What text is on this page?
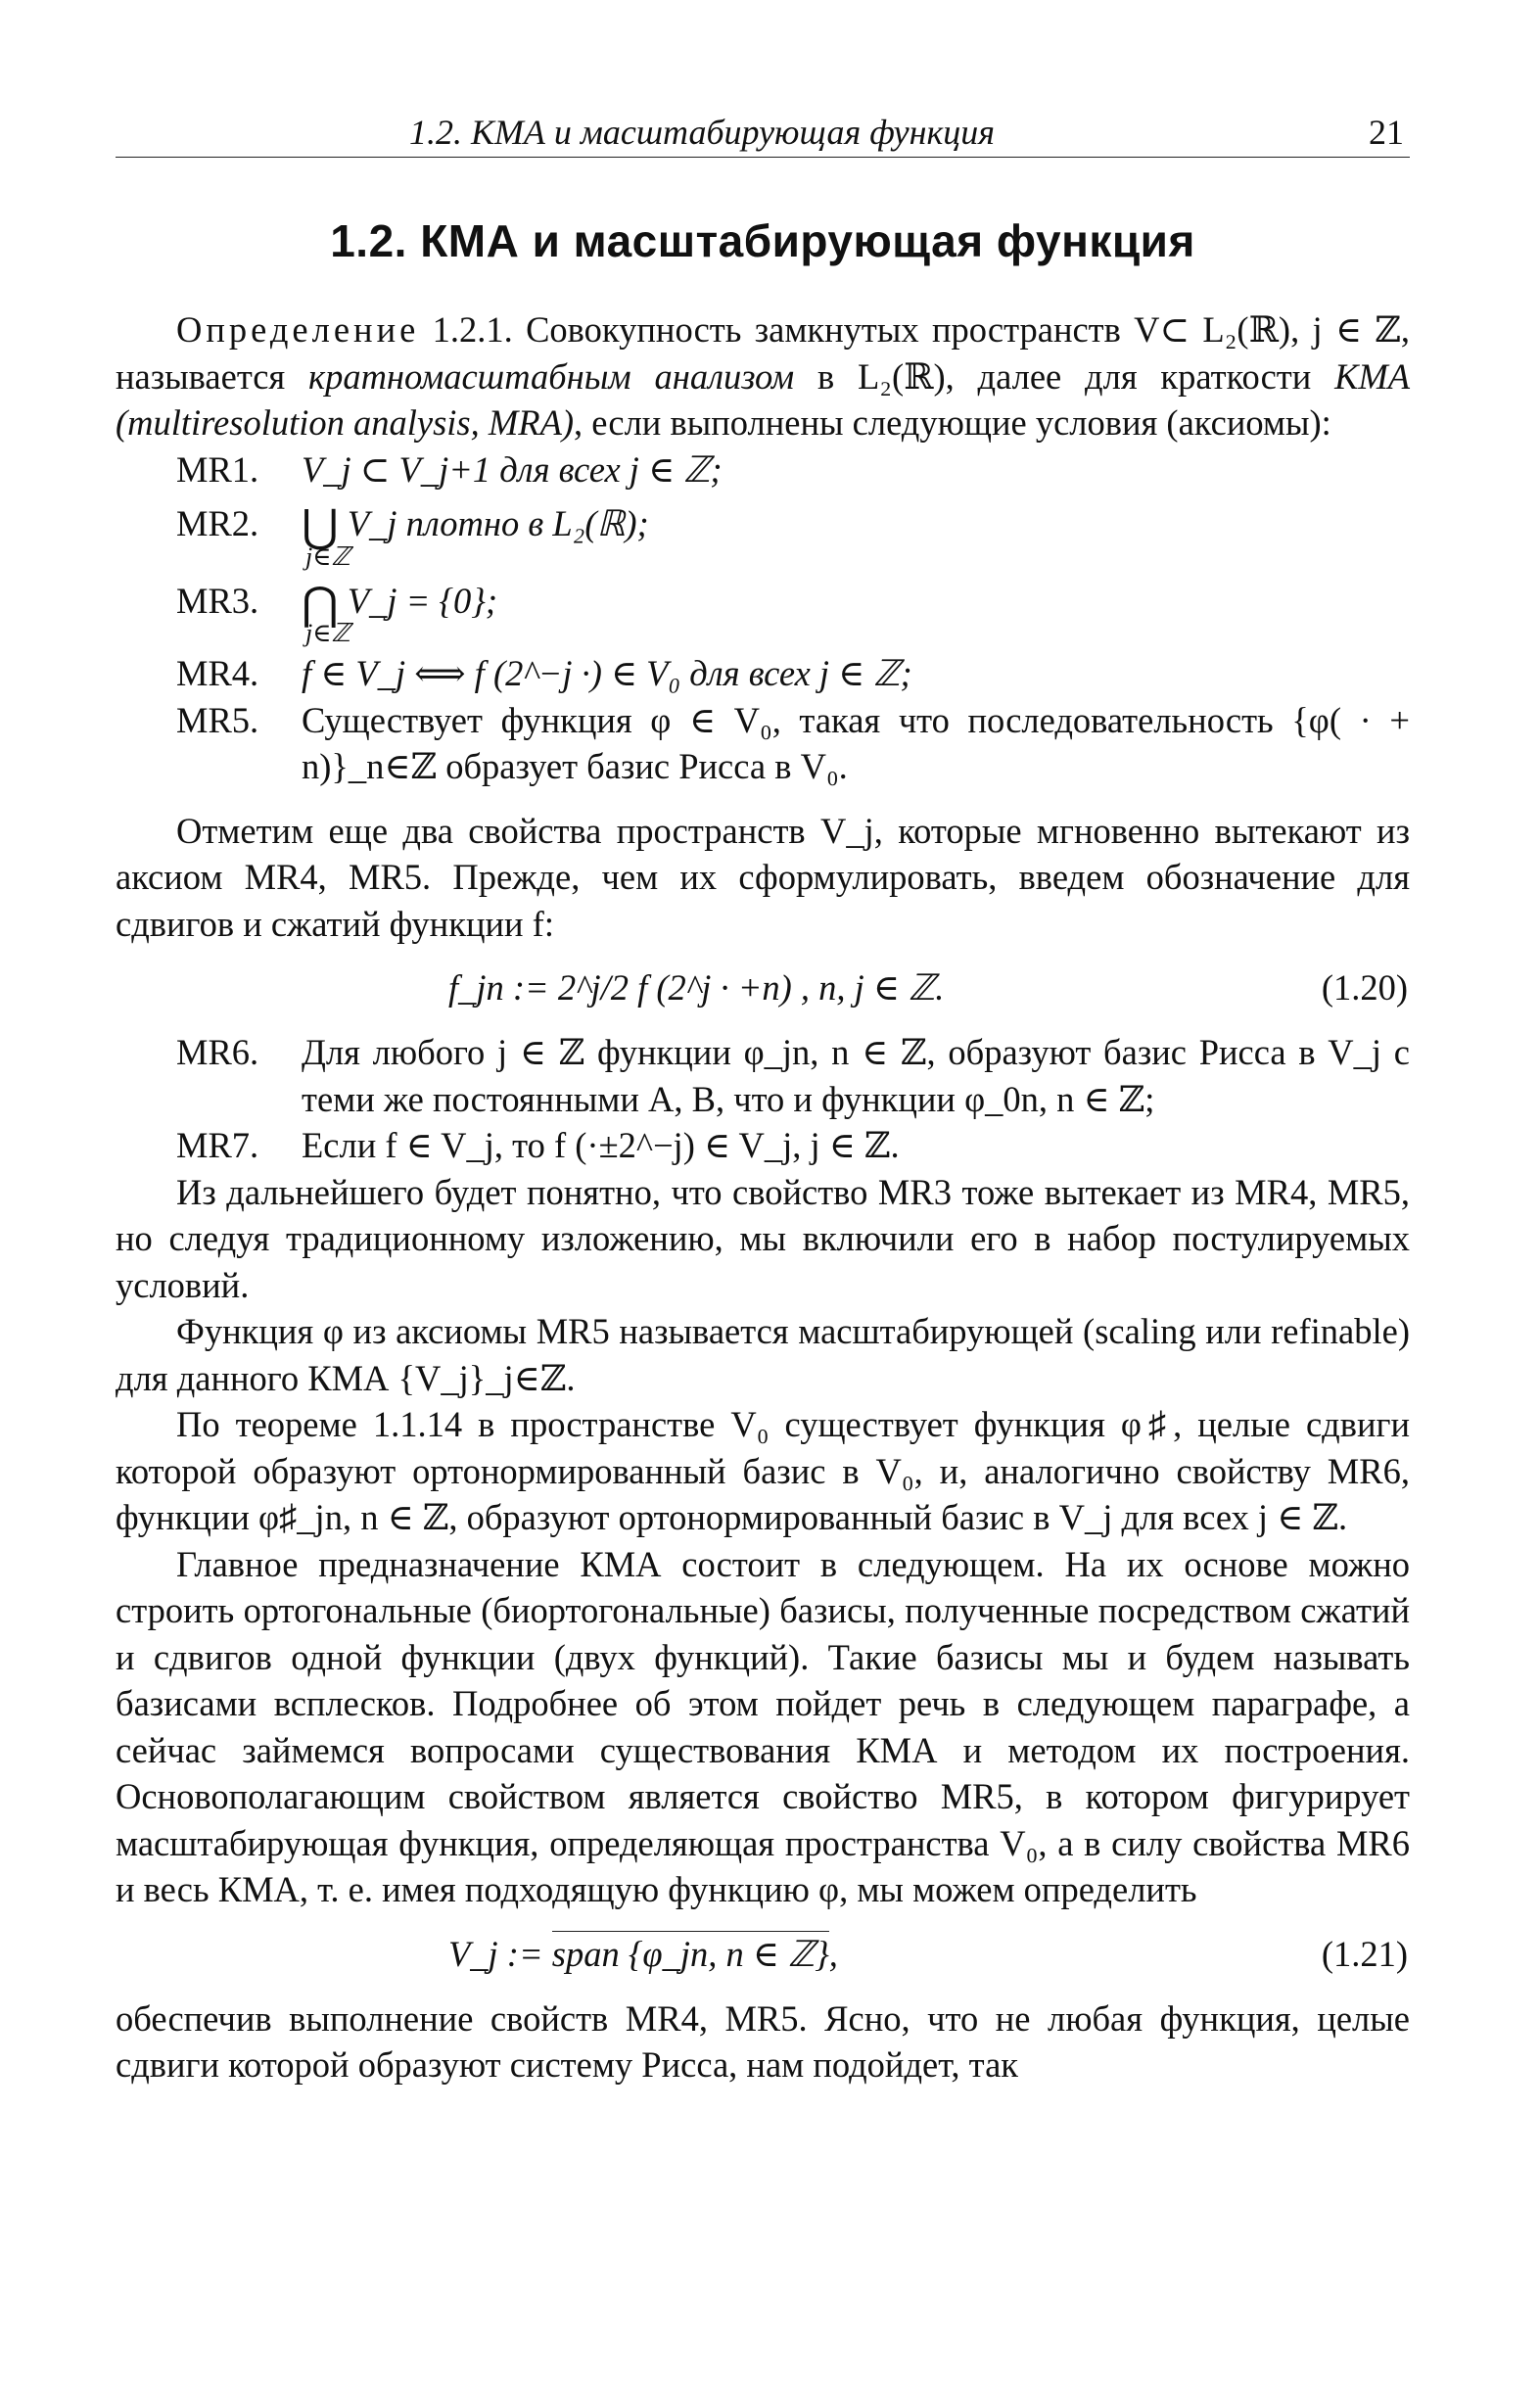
1.2. КМА и масштабирующая функция	21
1.2. КМА и масштабирующая функция

Определение 1.2.1. Совокупность замкнутых пространств V⊂ L₂(ℝ), j ∈ ℤ, называется кратномасштабным анализом в L₂(ℝ), далее для краткости КМА (multiresolution analysis, MRA), если выполнены следующие условия (аксиомы):

MR1.	V_j ⊂ V_j+1 для всех j ∈ ℤ;
MR2. ⋃ V_j плотно в L₂(ℝ);
j∈ℤ
MR3. ⋂ V_j = {0};
j∈ℤ
MR4.	f ∈ V_j ⟺ f (2^−j ·) ∈ V₀ для всех j ∈ ℤ;
MR5.	Существует функция φ ∈ V₀, такая что последовательность {φ( · + n)}_n∈ℤ образует базис Рисса в V₀.

Отметим еще два свойства пространств V_j, которые мгновенно вытекают из аксиом MR4, MR5. Прежде, чем их сформулировать, введем обозначение для сдвигов и сжатий функции f:

f_jn := 2^j/2 f (2^j · +n) , n, j ∈ ℤ.	(1.20)
MR6.	Для любого j ∈ ℤ функции φ_jn, n ∈ ℤ, образуют базис Рисса в V_j с теми же постоянными A, B, что и функции φ_0n, n ∈ ℤ;
MR7.	Если f ∈ V_j, то f (·±2^−j) ∈ V_j, j ∈ ℤ.

Из дальнейшего будет понятно, что свойство MR3 тоже вытекает из MR4, MR5, но следуя традиционному изложению, мы включили его в набор постулируемых условий.

Функция φ из аксиомы MR5 называется масштабирующей (scaling или refinable) для данного КМА {V_j}_j∈ℤ.

По теореме 1.1.14 в пространстве V₀ существует функция φ♯, целые сдвиги которой образуют ортонормированный базис в V₀, и, аналогично свойству MR6, функции φ♯_jn, n ∈ ℤ, образуют ортонормированный базис в V_j для всех j ∈ ℤ.

Главное предназначение КМА состоит в следующем. На их основе можно строить ортогональные (биортогональные) базисы, полученные посредством сжатий и сдвигов одной функции (двух функций). Такие базисы мы и будем называть базисами всплесков. Подробнее об этом пойдет речь в следующем параграфе, а сейчас займемся вопросами существования КМА и методом их построения. Основополагающим свойством является свойство MR5, в котором фигурирует масштабирующая функция, определяющая пространства V₀, а в силу свойства MR6 и весь КМА, т. е. имея подходящую функцию φ, мы можем определить

V_j := span {φ_jn, n ∈ ℤ},	(1.21)

обеспечив выполнение свойств MR4, MR5. Ясно, что не любая функция, целые сдвиги которой образуют систему Рисса, нам подойдет, так
